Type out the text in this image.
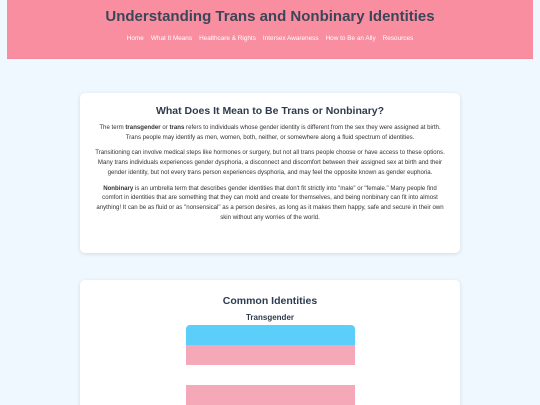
Understanding Trans and Nonbinary Identities
Home What It Means Healthcare & Rights Intersex Awareness How to Be an Ally Resources
What Does It Mean to Be Trans or Nonbinary?

The term transgender or trans refers to individuals whose gender identity is different from the sex they were assigned at birth. Trans people may identify as men, women, both, neither, or somewhere along a fluid spectrum of identities.

Transitioning can involve medical steps like hormones or surgery, but not all trans people choose or have access to these options. Many trans individuals experiences gender dysphoria, a disconnect and discomfort between their assigned sex at birth and their gender identity, but not every trans person experiences dysphoria, and may feel the opposite known as gender euphoria.

Nonbinary is an umbrella term that describes gender identities that don't fit strictly into "male" or "female." Many people find comfort in identities that are something that they can mold and create for themselves, and being nonbinary can fit into almost anything! It can be as fluid or as "nonsensical" as a person desires, as long as it makes them happy, safe and secure in their own skin without any worries of the world.

Common Identities
Transgender
